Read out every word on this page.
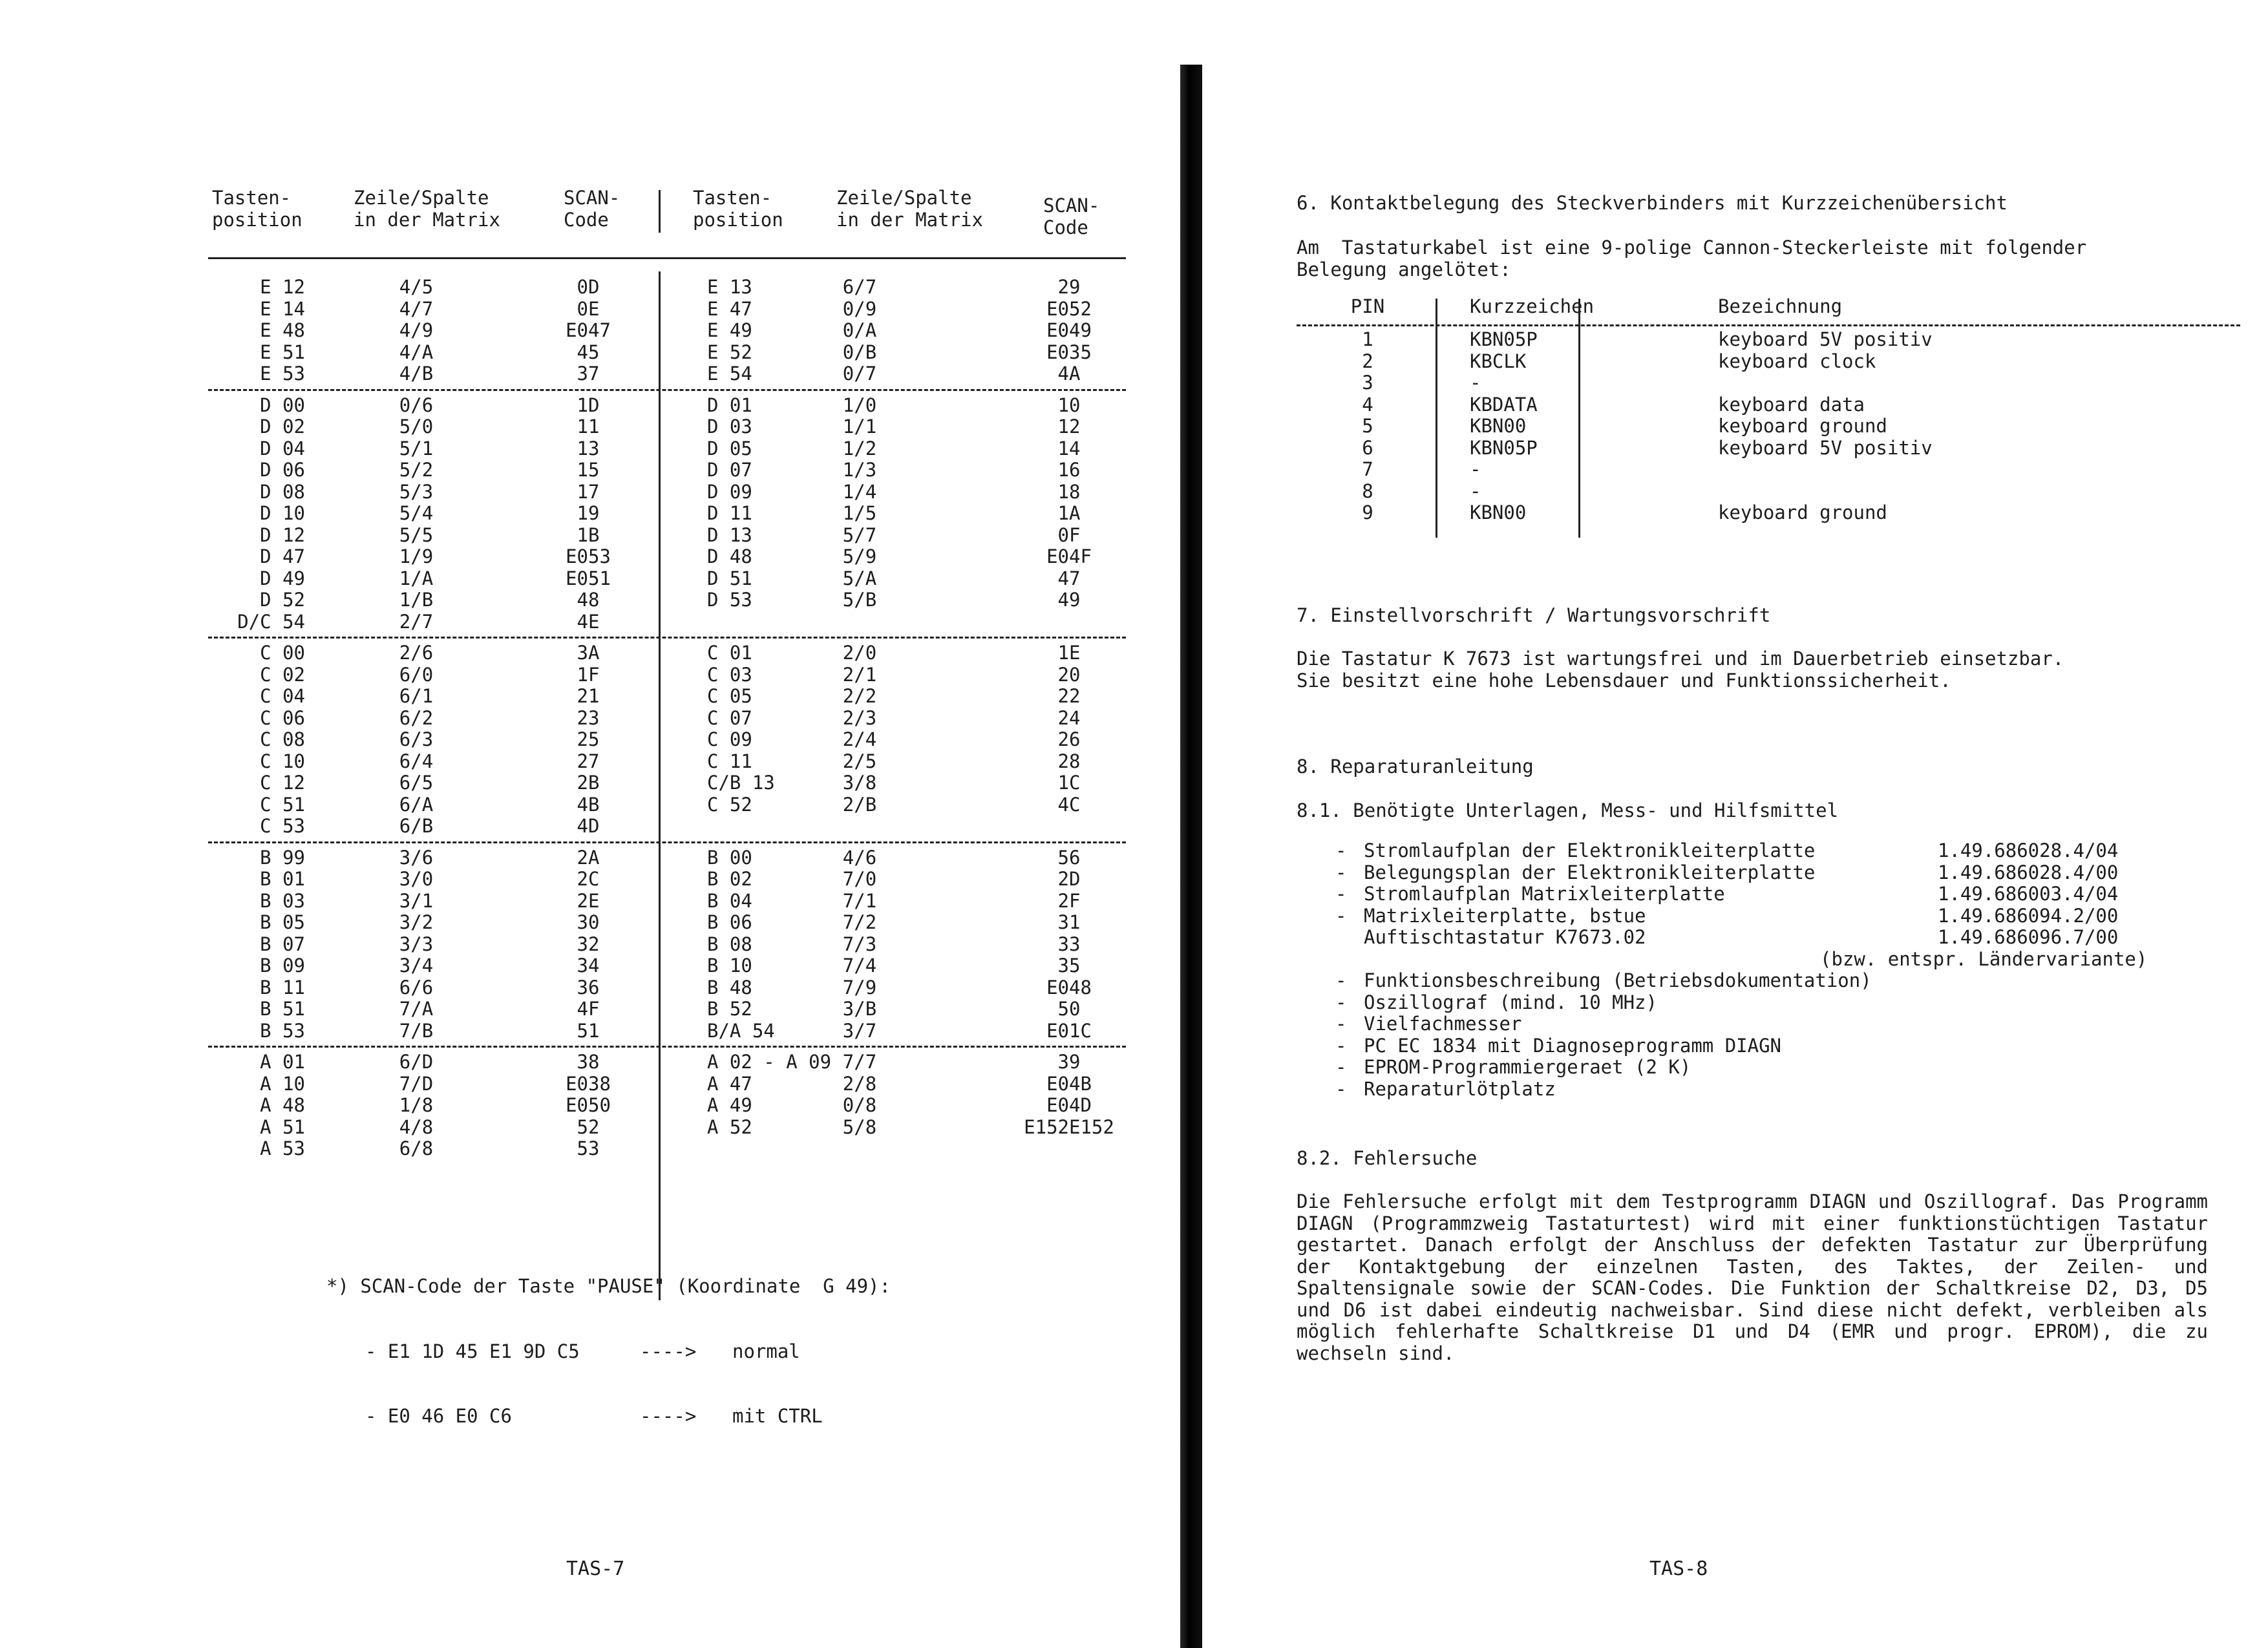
Tasten-
position
Zeile/Spalte
in der Matrix
SCAN-
Code
Tasten-
position
Zeile/Spalte
in der Matrix
SCAN-
Code
E 12	4/5	0D	E 13	6/7	29
E 14	4/7	0E	E 47	0/9	E052
E 48	4/9	E047	E 49	0/A	E049
E 51	4/A	45	E 52	0/B	E035
E 53	4/B	37	E 54	0/7	4A
D 00	0/6	1D	D 01	1/0	10
D 02	5/0	11	D 03	1/1	12
D 04	5/1	13	D 05	1/2	14
D 06	5/2	15	D 07	1/3	16
D 08	5/3	17	D 09	1/4	18
D 10	5/4	19	D 11	1/5	1A
D 12	5/5	1B	D 13	5/7	0F
D 47	1/9	E053	D 48	5/9	E04F
D 49	1/A	E051	D 51	5/A	47
D 52	1/B	48	D 53	5/B	49
D/C 54	2/7	4E
C 00	2/6	3A	C 01	2/0	1E
C 02	6/0	1F	C 03	2/1	20
C 04	6/1	21	C 05	2/2	22
C 06	6/2	23	C 07	2/3	24
C 08	6/3	25	C 09	2/4	26
C 10	6/4	27	C 11	2/5	28
C 12	6/5	2B	C/B 13	3/8	1C
C 51	6/A	4B	C 52	2/B	4C
C 53	6/B	4D
B 99	3/6	2A	B 00	4/6	56
B 01	3/0	2C	B 02	7/0	2D
B 03	3/1	2E	B 04	7/1	2F
B 05	3/2	30	B 06	7/2	31
B 07	3/3	32	B 08	7/3	33
B 09	3/4	34	B 10	7/4	35
B 11	6/6	36	B 48	7/9	E048
B 51	7/A	4F	B 52	3/B	50
B 53	7/B	51	B/A 54	3/7	E01C
A 01	6/D	38	A 02 - A 09 7/7	39
A 10	7/D	E038	A 47	2/8	E04B
A 48	1/8	E050	A 49	0/8	E04D
A 51	4/8	52	A 52	5/8	E152E152
A 53	6/8	53

*) SCAN-Code der Taste "PAUSE" (Koordinate  G 49):

- E1 1D 45 E1 9D C5

	---->

normal

- E0 46 E0 C6

	---->

mit CTRL

TAS-7
6. Kontaktbelegung des Steckverbinders mit Kurzzeichenübersicht
Am  Tastaturkabel ist eine 9-polige Cannon-Steckerleiste mit folgender
Belegung angelötet:
PIN	Kurzzeichen	Bezeichnung
1	KBN05P	keyboard 5V positiv
2	KBCLK	keyboard clock
3	-
4	KBDATA	keyboard data
5	KBN00	keyboard ground
6	KBN05P	keyboard 5V positiv
7	-
8	-
9	KBN00	keyboard ground
7. Einstellvorschrift / Wartungsvorschrift
Die Tastatur K 7673 ist wartungsfrei und im Dauerbetrieb einsetzbar.
Sie besitzt eine hohe Lebensdauer und Funktionssicherheit.
8. Reparaturanleitung
8.1. Benötigte Unterlagen, Mess- und Hilfsmittel
- Stromlaufplan der Elektronikleiterplatte	1.49.686028.4/04
- Belegungsplan der Elektronikleiterplatte	1.49.686028.4/00
- Stromlaufplan Matrixleiterplatte	1.49.686003.4/04
- Matrixleiterplatte, bstue	1.49.686094.2/00
Auftischtastatur K7673.02	1.49.686096.7/00
(bzw. entspr. Ländervariante)
- Funktionsbeschreibung (Betriebsdokumentation)
- Oszillograf (mind. 10 MHz)
- Vielfachmesser
- PC EC 1834 mit Diagnoseprogramm DIAGN
- EPROM-Programmiergeraet (2 K)
- Reparaturlötplatz
8.2. Fehlersuche
Die Fehlersuche erfolgt mit dem Testprogramm DIAGN und Oszillograf. Das Programm DIAGN (Programmzweig Tastaturtest) wird mit einer funktionstüchtigen Tastatur gestartet. Danach erfolgt der Anschluss der defekten Tastatur zur Überprüfung der Kontaktgebung der einzelnen Tasten, des Taktes, der Zeilen- und Spaltensignale sowie der SCAN-Codes. Die Funktion der Schaltkreise D2, D3, D5 und D6 ist dabei eindeutig nachweisbar. Sind diese nicht defekt, verbleiben als möglich fehlerhafte Schaltkreise D1 und D4 (EMR und progr. EPROM), die zu wechseln sind.
TAS-8
